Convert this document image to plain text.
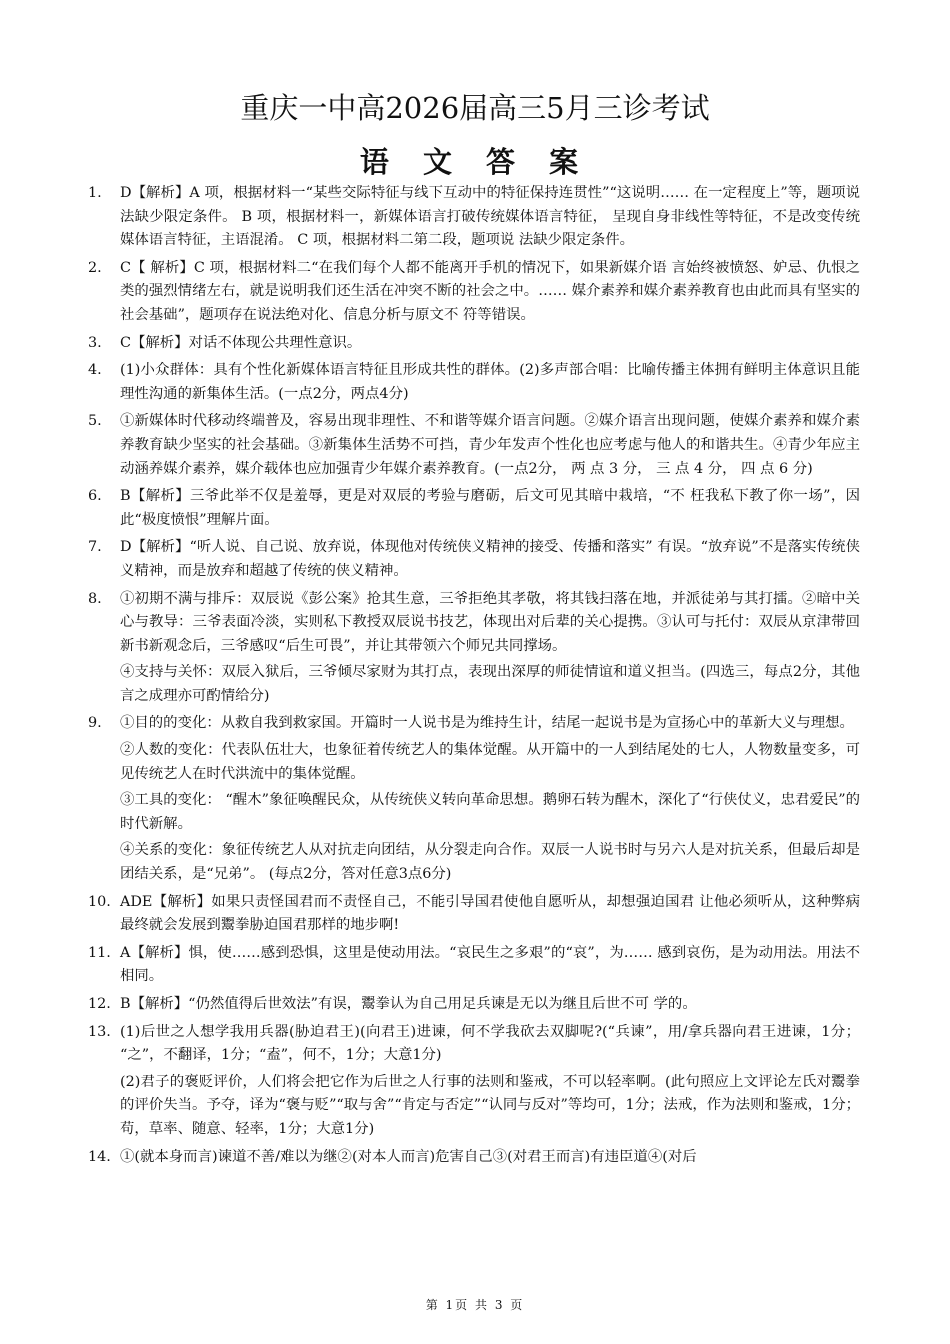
重庆一中高2026届高三5月三诊考试
语 文 答 案
1. D【解析】A 项，根据材料一“某些交际特征与线下互动中的特征保持连贯性”“这说明…… 在一定程度上”等，题项说法缺少限定条件。 B 项，根据材料一，新媒体语言打破传统媒体语言特征， 呈现自身非线性等特征，不是改变传统媒体语言特征，主语混淆。 C 项，根据材料二第二段，题项说 法缺少限定条件。
2. C【 解析】C 项，根据材料二“在我们每个人都不能离开手机的情况下，如果新媒介语 言始终被愤怒、妒忌、仇恨之类的强烈情绪左右，就是说明我们还生活在冲突不断的社会之中。…… 媒介素养和媒介素养教育也由此而具有坚实的社会基础”，题项存在说法绝对化、信息分析与原文不 符等错误。
3. C【解析】对话不体现公共理性意识。
4. (1)小众群体：具有个性化新媒体语言特征且形成共性的群体。(2)多声部合唱：比喻传播主体拥有鲜明主体意识且能理性沟通的新集体生活。(一点2分，两点4分)
5. ①新媒体时代移动终端普及，容易出现非理性、不和谐等媒介语言问题。②媒介语言出现问题，使媒介素养和媒介素养教育缺少坚实的社会基础。③新集体生活势不可挡，青少年发声个性化也应考虑与他人的和谐共生。④青少年应主动涵养媒介素养，媒介载体也应加强青少年媒介素养教育。(一点2分， 两 点 3 分， 三 点 4 分， 四 点 6 分)
6. B【解析】三爷此举不仅是羞辱，更是对双辰的考验与磨砺，后文可见其暗中栽培，“不 枉我私下教了你一场”，因此“极度愤恨”理解片面。
7. D【解析】“听人说、自己说、放弃说，体现他对传统侠义精神的接受、传播和落实” 有误。“放弃说”不是落实传统侠义精神，而是放弃和超越了传统的侠义精神。
8. ①初期不满与排斥：双辰说《彭公案》抢其生意，三爷拒绝其孝敬，将其钱扫落在地，并派徒弟与其打擂。②暗中关心与教导：三爷表面冷淡，实则私下教授双辰说书技艺，体现出对后辈的关心提携。③认可与托付：双辰从京津带回新书新观念后，三爷感叹“后生可畏”，并让其带领六个师兄共同撑场。
④支持与关怀：双辰入狱后，三爷倾尽家财为其打点，表现出深厚的师徒情谊和道义担当。(四选三，每点2分，其他言之成理亦可酌情给分)
9. ①目的的变化：从救自我到救家国。开篇时一人说书是为维持生计，结尾一起说书是为宣扬心中的革新大义与理想。
②人数的变化：代表队伍壮大，也象征着传统艺人的集体觉醒。从开篇中的一人到结尾处的七人，人物数量变多，可见传统艺人在时代洪流中的集体觉醒。
③工具的变化： “醒木”象征唤醒民众，从传统侠义转向革命思想。鹅卵石转为醒木，深化了“行侠仗义，忠君爱民”的时代新解。
④关系的变化：象征传统艺人从对抗走向团结，从分裂走向合作。双辰一人说书时与另六人是对抗关系，但最后却是团结关系，是“兄弟”。 (每点2分，答对任意3点6分)
10. ADE【解析】如果只责怪国君而不责怪自己，不能引导国君使他自愿听从，却想强迫国君 让他必须听从，这种弊病最终就会发展到鬻拳胁迫国君那样的地步啊!
11. A【解析】惧，使……感到恐惧，这里是使动用法。“哀民生之多艰”的“哀”，为…… 感到哀伤，是为动用法。用法不相同。
12. B【解析】“仍然值得后世效法”有误，鬻拳认为自己用足兵谏是无以为继且后世不可 学的。
13. (1)后世之人想学我用兵器(胁迫君王)(向君王)进谏，何不学我砍去双脚呢?(“兵谏”，用/拿兵器向君王进谏，1分； “之”，不翻译，1分；“盍”，何不，1分；大意1分)
(2)君子的褒贬评价，人们将会把它作为后世之人行事的法则和鉴戒，不可以轻率啊。(此句照应上文评论左氏对鬻拳的评价失当。予夺，译为“褒与贬”“取与舍”“肯定与否定”“认同与反对”等均可，1分；法戒，作为法则和鉴戒，1分；苟，草率、随意、轻率，1分；大意1分)
14. ①(就本身而言)谏道不善/难以为继②(对本人而言)危害自己③(对君王而言)有违臣道④(对后
第 1页 共 3 页
